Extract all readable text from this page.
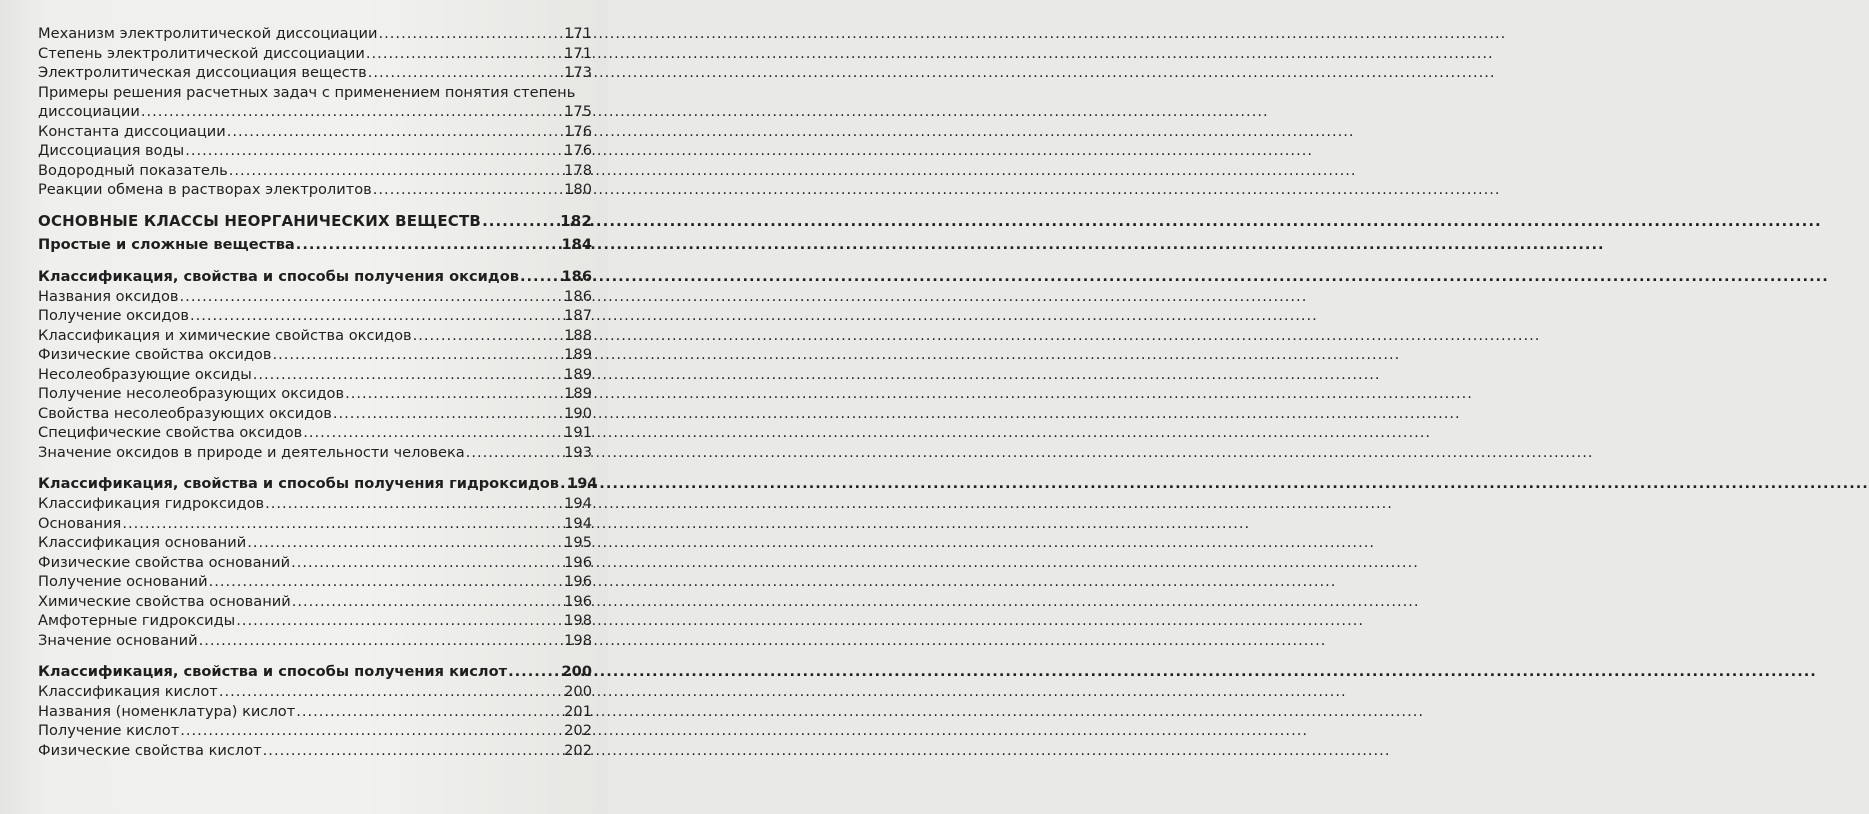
Механизм электролитической диссоциации .....	171
Степень электролитической диссоциации .....	171
Электролитическая диссоциация веществ .....	173
Примеры решения расчетных задач с применением понятия степень
диссоциации .....	175
Константа диссоциации .....	176
Диссоциация воды .....	176
Водородный показатель .....	178
Реакции обмена в растворах электролитов .....	180
ОСНОВНЫЕ КЛАССЫ НЕОРГАНИЧЕСКИХ ВЕЩЕСТВ .....	182
Простые и сложные вещества .....	184
Классификация, свойства и способы получения оксидов .....	186
Названия оксидов .....	186
Получение оксидов .....	187
Классификация и химические свойства оксидов .....	188
Физические свойства оксидов .....	189
Несолеобразующие оксиды .....	189
Получение несолеобразующих оксидов .....	189
Свойства несолеобразующих оксидов .....	190
Специфические свойства оксидов .....	191
Значение оксидов в природе и деятельности человека .....	193
Классификация, свойства и способы получения гидроксидов ..... 194
Классификация гидроксидов .....	194
Основания .....	194
Классификация оснований .....	195
Физические свойства оснований .....	196
Получение оснований .....	196
Химические свойства оснований .....	196
Амфотерные гидроксиды .....	198
Значение оснований .....	198
Классификация, свойства и способы получения кислот .....	200
Классификация кислот .....	200
Названия (номенклатура) кислот .....	201
Получение кислот .....	202
Физические свойства кислот .....	202
